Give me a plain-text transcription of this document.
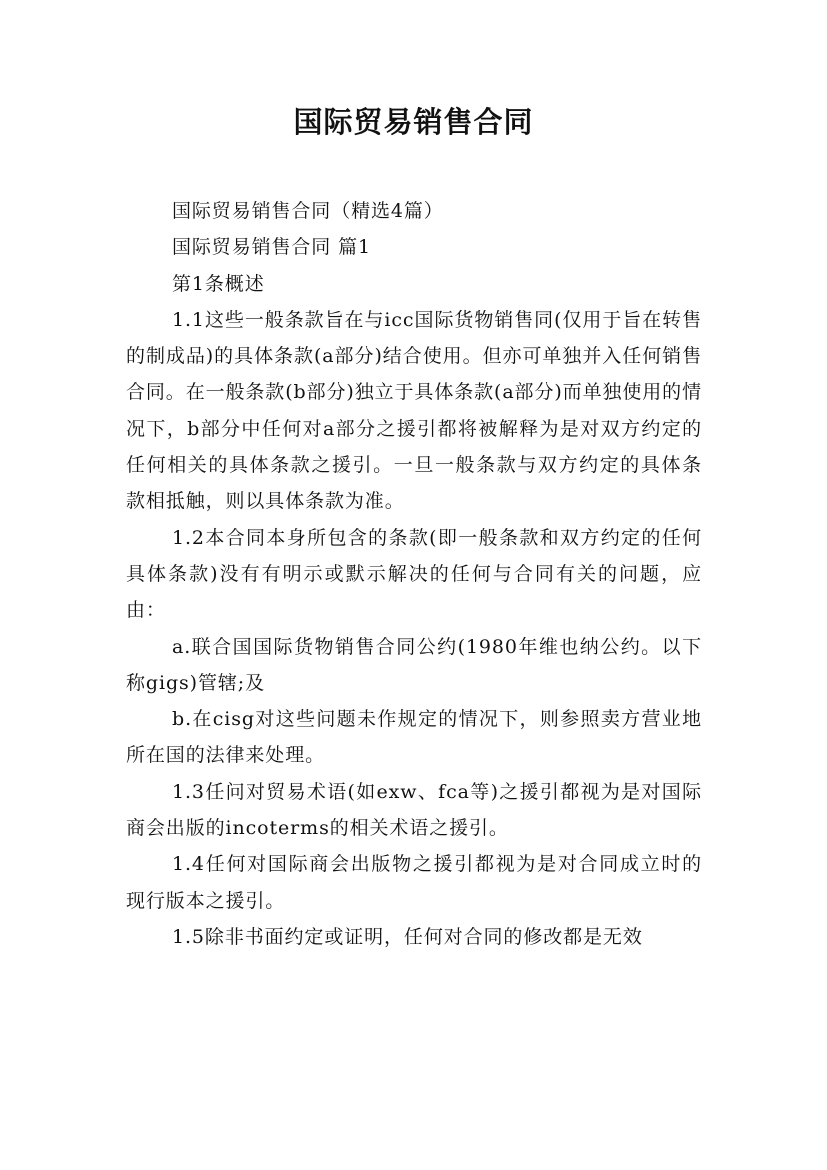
国际贸易销售合同

国际贸易销售合同（精选4篇）

国际贸易销售合同 篇1

第1条概述

1.1这些一般条款旨在与icc国际货物销售同(仅用于旨在转售的制成品)的具体条款(a部分)结合使用。但亦可单独并入任何销售合同。在一般条款(b部分)独立于具体条款(a部分)而单独使用的情况下，b部分中任何对a部分之援引都将被解释为是对双方约定的任何相关的具体条款之援引。一旦一般条款与双方约定的具体条款相抵触，则以具体条款为准。

1.2本合同本身所包含的条款(即一般条款和双方约定的任何具体条款)没有有明示或默示解决的任何与合同有关的问题，应由：

a.联合国国际货物销售合同公约(1980年维也纳公约。以下称gigs)管辖;及

b.在cisg对这些问题未作规定的情况下，则参照卖方营业地所在国的法律来处理。

1.3任问对贸易术语(如exw、fca等)之援引都视为是对国际商会出版的incoterms的相关术语之援引。

1.4任何对国际商会出版物之援引都视为是对合同成立时的现行版本之援引。

1.5除非书面约定或证明，任何对合同的修改都是无效
